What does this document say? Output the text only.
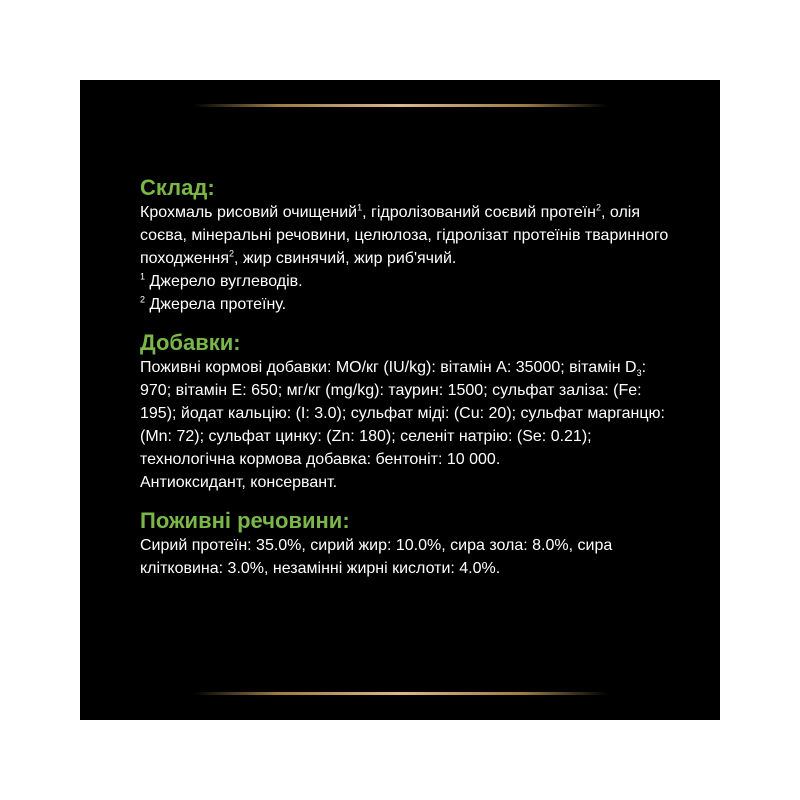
Склад:

Крохмаль рисовий очищений$^1$, гідролізований соєвий протеїн$^2$, олія соєва, мінеральні речовини, целюлоза, гідролізат протеїнів тваринного походження$^2$, жир свинячий, жир риб'ячий.

$^1$ Джерело вуглеводів.

$^2$ Джерела протеїну.

Добавки:

Поживні кормові добавки: МО/кг (IU/kg): вітамін А: 35000; вітамін $D_3$: 970; вітамін E: 650; мг/кг (mg/kg): таурин: 1500; сульфат заліза: (Fe: 195); йодат кальцію: (I: 3.0); сульфат міді: (Cu: 20); сульфат марганцю: (Mn: 72); сульфат цинку: (Zn: 180); селеніт натрію: (Se: 0.21); технологічна кормова добавка: бентоніт: 10 000.

Антиоксидант, консервант.

Поживні речовини:

Сирий протеїн: 35.0%, сирий жир: 10.0%, сира зола: 8.0%, сира клітковина: 3.0%, незамінні жирні кислоти: 4.0%.
